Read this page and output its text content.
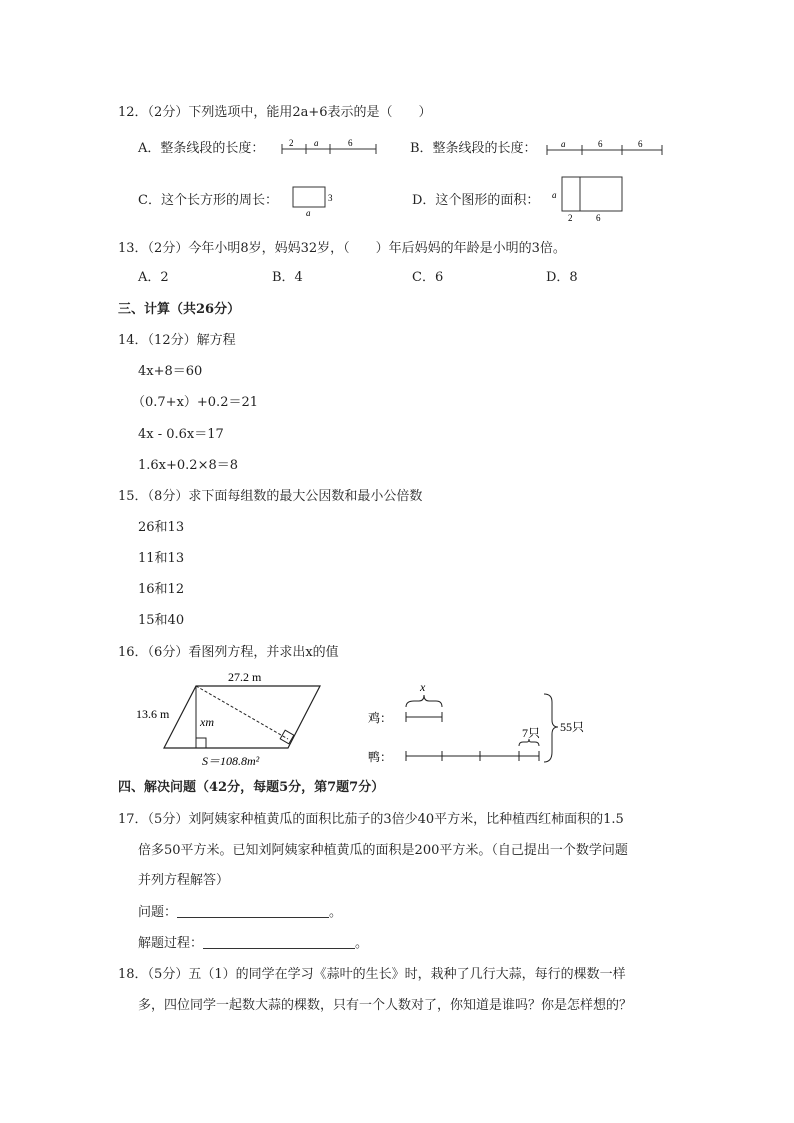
12．（2分）下列选项中，能用2a+6表示的是（　　）
A．整条线段的长度：	2 a	6	B．整条线段的长度：	a	6	6
C．这个长方形的周长：	3
a
D．这个图形的面积： a
2	6
13．（2分）今年小明8岁，妈妈32岁，（　　）年后妈妈的年龄是小明的3倍。
A．2	B．4	C．6	D．8
三、计算（共26分）
14．（12分）解方程
4x+8＝60
（0.7+x）+0.2＝21
4x - 0.6x＝17
1.6x+0.2×8＝8
15．（8分）求下面每组数的最大公因数和最小公倍数
26和13
11和13
16和12
15和40
16．（6分）看图列方程，并求出x的值
27.2 m
13.6 m
xm
S＝108.8m²
x
鸡：
鸭：
7只 55只
四、解决问题（42分，每题5分，第7题7分）
17．（5分）刘阿姨家种植黄瓜的面积比茄子的3倍少40平方米，比种植西红柿面积的1.5
倍多50平方米。已知刘阿姨家种植黄瓜的面积是200平方米。（自己提出一个数学问题
并列方程解答）
问题：	。
解题过程：	。
18．（5分）五（1）的同学在学习《蒜叶的生长》时，栽种了几行大蒜，每行的棵数一样
多，四位同学一起数大蒜的棵数，只有一个人数对了，你知道是谁吗？你是怎样想的？
